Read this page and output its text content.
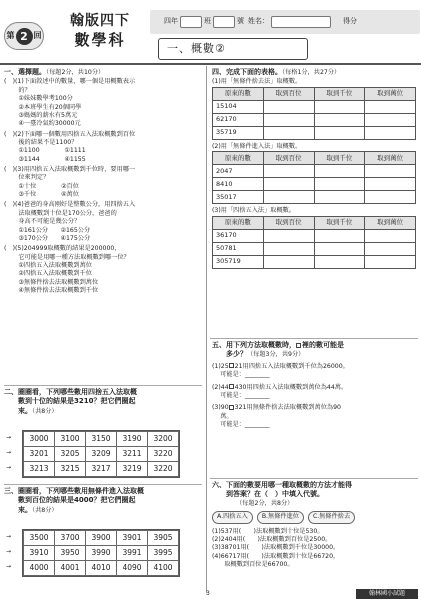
第 2 回
翰版四下
數學科
四年	班	號 姓名：	得分
一、概數②
一、選擇題。（每題2分，共10分）
(　)(1)下面敘述中的數量，哪一個是用概數表示
　　 的？
　　 ①妹妹數學考100分
　　 ②本班學生有20個同學
　　 ③媽媽的薪水有5萬元
　　 ④一臺冷氣約30000元
(　)(2)下面哪一個數用四捨五入法取概數到百位
　　 後的結果不是1100？
　　 ①1100　　　　①1111
　　 ③1144　　　　④1155
(　)(3)用四捨五入法取概數到千位時，要用哪一
　　 位來判定？
　　 ①十位　　　　②百位
　　 ③千位　　　　④萬位
(　)(4)爸爸的身高刚好是整數公分，用四捨五入
　　 法取概數到十位是170公分，爸爸的
　　 身高不可能是幾公分？
　　 ①161公分　　②165公分
　　 ③170公分　　④175公分
(　)(5)204999取概數的結果是200000，
　　 它可能是用哪一種方法取概數到哪一位？
　　 ①四捨五入法取概數到萬位
　　 ②四捨五入法取概數到千位
　　 ③無條件捨去法取概數到萬位
　　 ④無條件捨去法取概數到千位
二、圈圈看，下列哪些數用四捨五入法取概
　　數到十位的結果是3210？把它們圈起
　　來。（共8分）
→
→
→
3000	3100	3150	3190	3200
3201	3205	3209	3211	3220
3213	3215	3217	3219	3220
三、圈圈看，下列哪些數用無條件進入法取概
　　數到百位的結果是4000？把它們圈起
　　來。（共8分）
→
→
→
3500	3700	3900	3901	3905
3910	3950	3990	3991	3995
4000	4001	4010	4090	4100
四、完成下面的表格。（每格1分，共27分）
(1)用「無條件捨去法」取概數。
原來的數	取到百位	取到千位	取到萬位
15104			
62170			
35719			
(2)用「無條件進入法」取概數。
原來的數	取到百位	取到千位	取到萬位
2047			
8410			
35017			
(3)用「四捨五入法」取概數。
原來的數	取到百位	取到千位	取到萬位
36170			
50781			
305719			
五、用下列方法取概數時， 裡的數可能是
　　多少？（每題3分，共9分）
(1)25 21用四捨五入法取概數到千位為26000。
　 可能是：________
(2)44 430用四捨五入法取概數到萬位為44萬。
　 可能是：________
(3)90 321用無條件捨去法取概數到萬位為90
　 萬。
　 可能是：________
六、下面的數要用哪一種取概數的方法才能得
　　到答案？在（　）中填入代號。
（每題2分，共8分）
A.四捨五入 B.無條件進位 C.無條件捨去
(1)537用(　　)法取概數到十位是530。
(2)2404用(　　)法取概數到百位是2500。
(3)38701用(　　)法取概數到千位是30000。
(4)66717用(　　)法取概數到十位是66720，
　　取概數到百位是66700。
3	翰林國小試題
